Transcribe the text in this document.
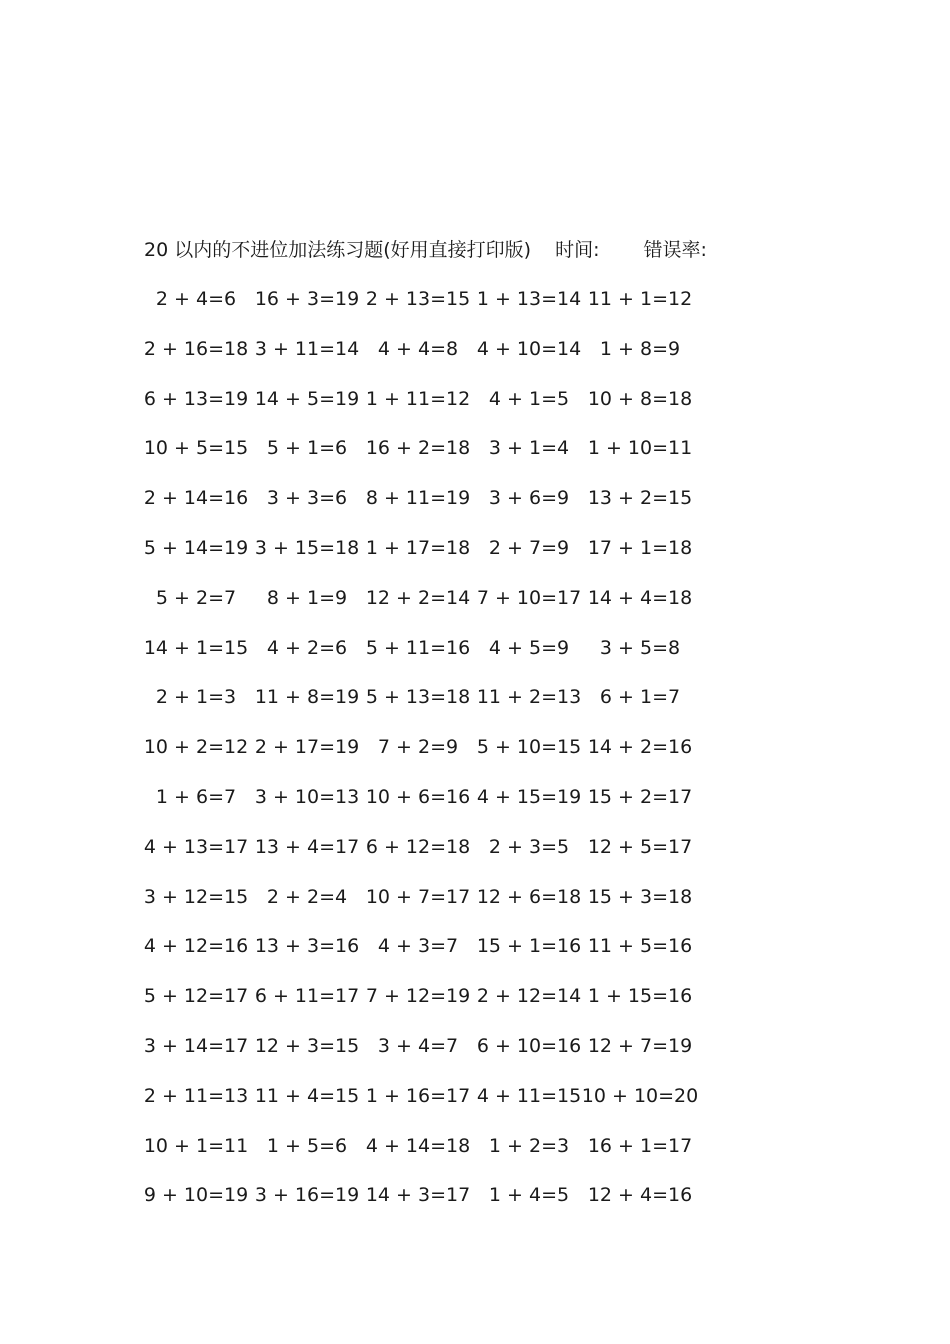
20 以内的不进位加法练习题(好用直接打印版) 时间: 错误率:
2 + 4=6 16 + 3=19 2 + 13=15 1 + 13=14 11 + 1=12
2 + 16=18 3 + 11=14 4 + 4=8 4 + 10=14 1 + 8=9
6 + 13=19 14 + 5=19 1 + 11=12 4 + 1=5 10 + 8=18
10 + 5=15 5 + 1=6 16 + 2=18 3 + 1=4 1 + 10=11
2 + 14=16 3 + 3=6 8 + 11=19 3 + 6=9 13 + 2=15
5 + 14=19 3 + 15=18 1 + 17=18 2 + 7=9 17 + 1=18
5 + 2=7	8 + 1=9 12 + 2=14 7 + 10=17 14 + 4=18
14 + 1=15 4 + 2=6 5 + 11=16 4 + 5=9	3 + 5=8
2 + 1=3 11 + 8=19 5 + 13=18 11 + 2=13 6 + 1=7
10 + 2=12 2 + 17=19 7 + 2=9 5 + 10=15 14 + 2=16
1 + 6=7 3 + 10=13 10 + 6=16 4 + 15=19 15 + 2=17
4 + 13=17 13 + 4=17 6 + 12=18 2 + 3=5 12 + 5=17
3 + 12=15 2 + 2=4 10 + 7=17 12 + 6=18 15 + 3=18
4 + 12=16 13 + 3=16 4 + 3=7 15 + 1=16 11 + 5=16
5 + 12=17 6 + 11=17 7 + 12=19 2 + 12=14 1 + 15=16
3 + 14=17 12 + 3=15 3 + 4=7 6 + 10=16 12 + 7=19
2 + 11=13 11 + 4=15 1 + 16=17 4 + 11=15 10 + 10=20
10 + 1=11 1 + 5=6 4 + 14=18 1 + 2=3 16 + 1=17
9 + 10=19 3 + 16=19 14 + 3=17 1 + 4=5 12 + 4=16
